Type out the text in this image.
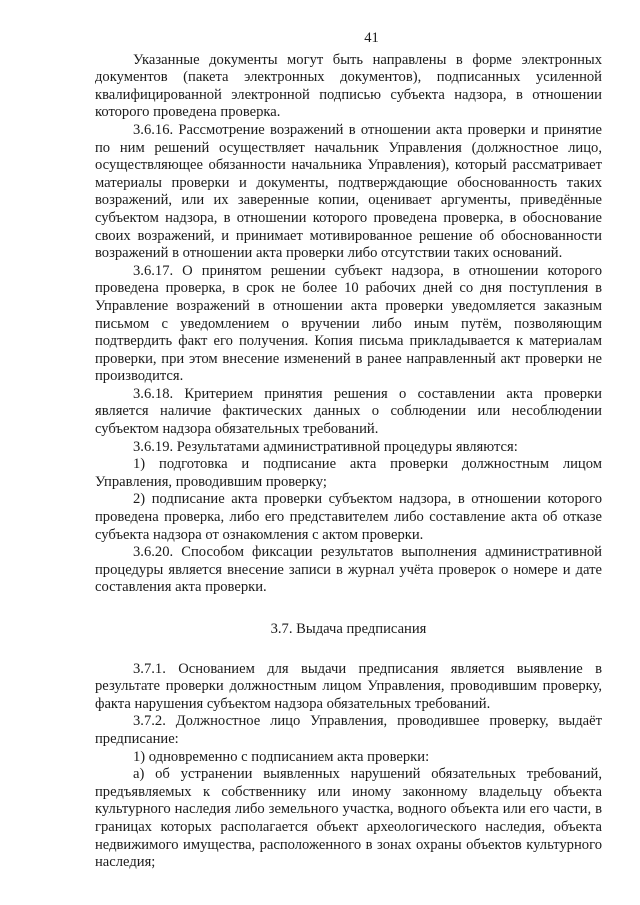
41

Указанные документы могут быть направлены в форме электронных документов (пакета электронных документов), подписанных усиленной квалифицированной электронной подписью субъекта надзора, в отношении которого проведена проверка.

3.6.16. Рассмотрение возражений в отношении акта проверки и принятие по ним решений осуществляет начальник Управления (должностное лицо, осуществляющее обязанности начальника Управления), который рассматривает материалы проверки и документы, подтверждающие обоснованность таких возражений, или их заверенные копии, оценивает аргументы, приведённые субъектом надзора, в отношении которого проведена проверка, в обоснование своих возражений, и принимает мотивированное решение об обоснованности возражений в отношении акта проверки либо отсутствии таких оснований.

3.6.17. О принятом решении субъект надзора, в отношении которого проведена проверка, в срок не более 10 рабочих дней со дня поступления в Управление возражений в отношении акта проверки уведомляется заказным письмом с уведомлением о вручении либо иным путём, позволяющим подтвердить факт его получения. Копия письма прикладывается к материалам проверки, при этом внесение изменений в ранее направленный акт проверки не производится.

3.6.18. Критерием принятия решения о составлении акта проверки является наличие фактических данных о соблюдении или несоблюдении субъектом надзора обязательных требований.

3.6.19. Результатами административной процедуры являются:

1) подготовка и подписание акта проверки должностным лицом Управления, проводившим проверку;

2) подписание акта проверки субъектом надзора, в отношении которого проведена проверка, либо его представителем либо составление акта об отказе субъекта надзора от ознакомления с актом проверки.

3.6.20. Способом фиксации результатов выполнения административной процедуры является внесение записи в журнал учёта проверок о номере и дате составления акта проверки.

3.7. Выдача предписания

3.7.1. Основанием для выдачи предписания является выявление в результате проверки должностным лицом Управления, проводившим проверку, факта нарушения субъектом надзора обязательных требований.

3.7.2. Должностное лицо Управления, проводившее проверку, выдаёт предписание:

1) одновременно с подписанием акта проверки:

а) об устранении выявленных нарушений обязательных требований, предъявляемых к собственнику или иному законному владельцу объекта культурного наследия либо земельного участка, водного объекта или его части, в границах которых располагается объект археологического наследия, объекта недвижимого имущества, расположенного в зонах охраны объектов культурного наследия;
